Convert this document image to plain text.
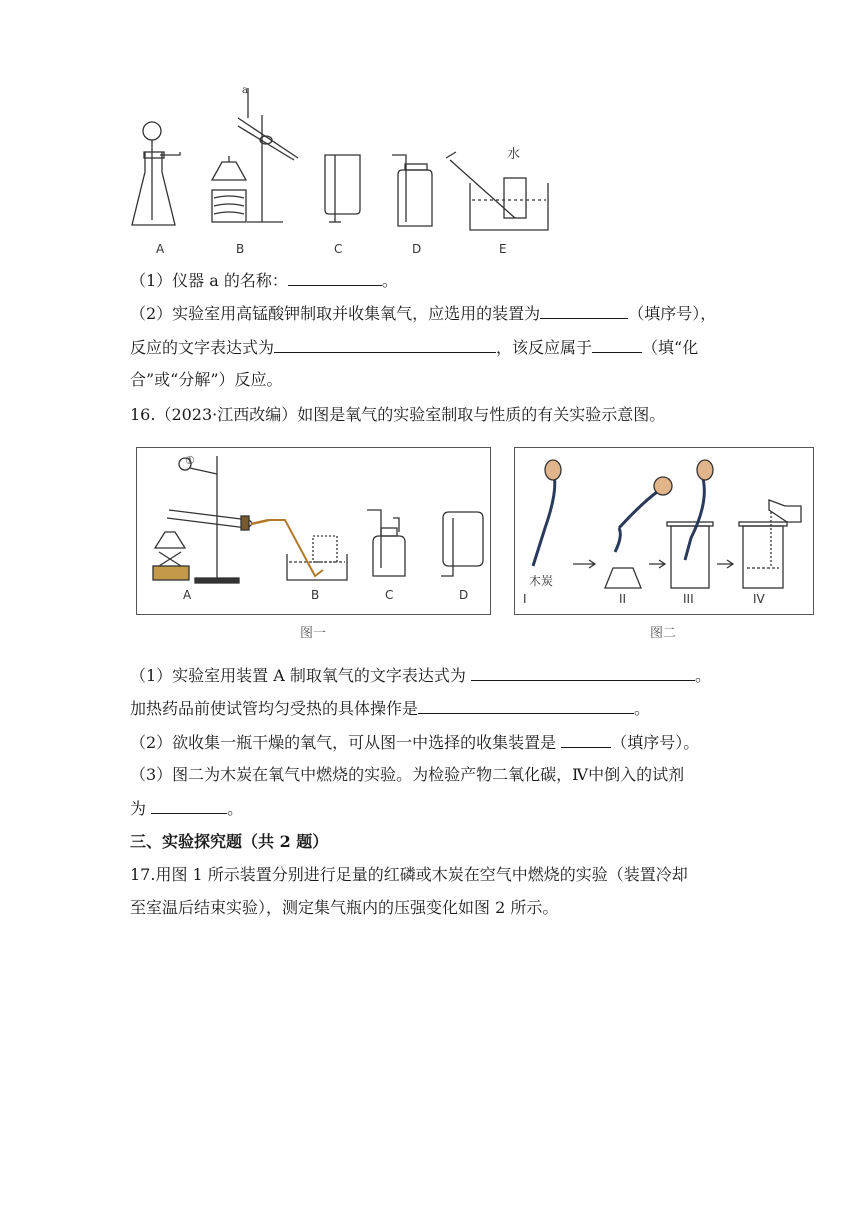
a
水
A	B	C	D	E
（1）仪器 a 的名称：	。
（2）实验室用高锰酸钾制取并收集氧气，应选用的装置为	（填序号），
反应的文字表达式为	，该反应属于	（填“化
合”或“分解”）反应。
16.（2023·江西改编）如图是氧气的实验室制取与性质的有关实验示意图。
A	B	C	D
①
图一
木炭
I	II	III	IV
图二
（1）实验室用装置 A 制取氧气的文字表达式为	。
加热药品前使试管均匀受热的具体操作是	。
（2）欲收集一瓶干燥的氧气，可从图一中选择的收集装置是	（填序号）。
（3）图二为木炭在氧气中燃烧的实验。为检验产物二氧化碳，Ⅳ中倒入的试剂
为	。
三、实验探究题（共 2 题）
17.用图 1 所示装置分别进行足量的红磷或木炭在空气中燃烧的实验（装置冷却
至室温后结束实验），测定集气瓶内的压强变化如图 2 所示。
